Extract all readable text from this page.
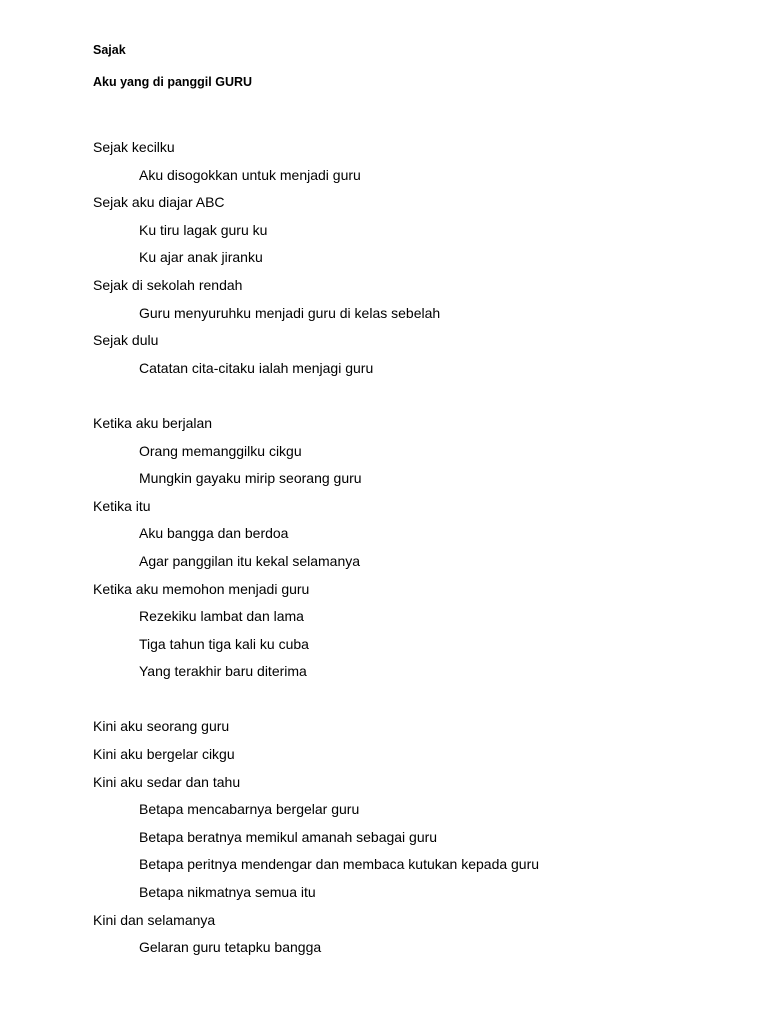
Sajak
Aku yang di panggil GURU
Sejak kecilku
Aku disogokkan untuk menjadi guru
Sejak aku diajar ABC
Ku tiru lagak guru ku
Ku ajar anak jiranku
Sejak di sekolah rendah
Guru menyuruhku menjadi guru di kelas sebelah
Sejak dulu
Catatan cita-citaku ialah menjagi guru
Ketika aku berjalan
Orang memanggilku cikgu
Mungkin gayaku mirip seorang guru
Ketika itu
Aku bangga dan berdoa
Agar panggilan itu kekal selamanya
Ketika aku memohon menjadi guru
Rezekiku lambat dan lama
Tiga tahun tiga kali ku cuba
Yang terakhir baru diterima
Kini aku seorang guru
Kini aku bergelar cikgu
Kini aku sedar dan tahu
Betapa mencabarnya bergelar guru
Betapa beratnya memikul amanah sebagai guru
Betapa peritnya mendengar dan membaca kutukan kepada guru
Betapa nikmatnya semua itu
Kini dan selamanya
Gelaran guru tetapku bangga
